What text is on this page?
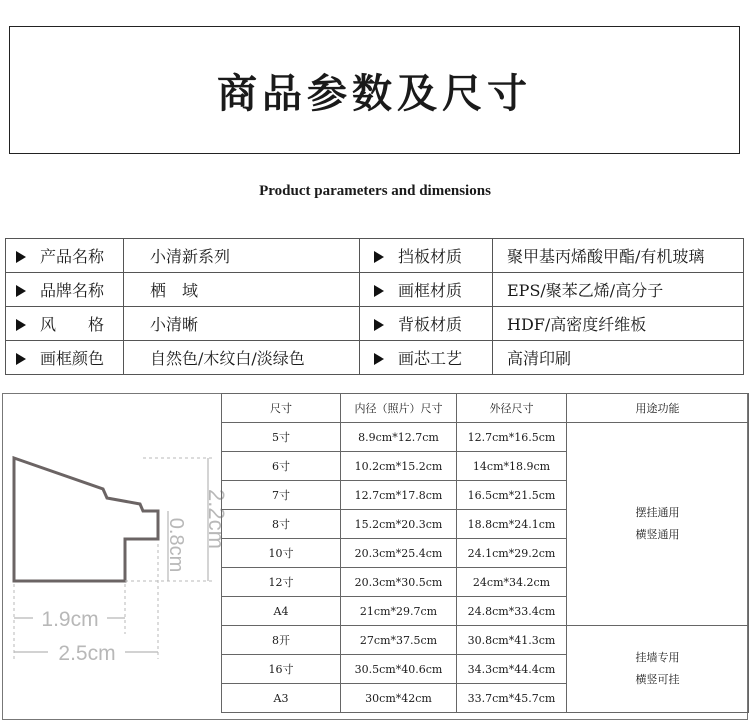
商品参数及尺寸
Product parameters and dimensions
产品名称	小清新系列	挡板材质	聚甲基丙烯酸甲酯/有机玻璃
品牌名称	栖　域	画框材质	EPS/聚苯乙烯/高分子
风　　格	小清晰	背板材质	HDF/高密度纤维板
画框颜色	自然色/木纹白/淡绿色	画芯工艺	高清印刷
2.2cm
0.8cm
1.9cm
2.5cm
尺寸	内径（照片）尺寸	外径尺寸	用途功能
5寸	8.9cm*12.7cm	12.7cm*16.5cm	摆挂通用
横竖通用

6寸	10.2cm*15.2cm	14cm*18.9cm	
7寸	12.7cm*17.8cm	16.5cm*21.5cm	
8寸	15.2cm*20.3cm	18.8cm*24.1cm	
10寸	20.3cm*25.4cm	24.1cm*29.2cm	
12寸	20.3cm*30.5cm	24cm*34.2cm	
A4	21cm*29.7cm	24.8cm*33.4cm	
8开	27cm*37.5cm	30.8cm*41.3cm	挂墙专用
横竖可挂

16寸	30.5cm*40.6cm	34.3cm*44.4cm	
A3	30cm*42cm	33.7cm*45.7cm	
